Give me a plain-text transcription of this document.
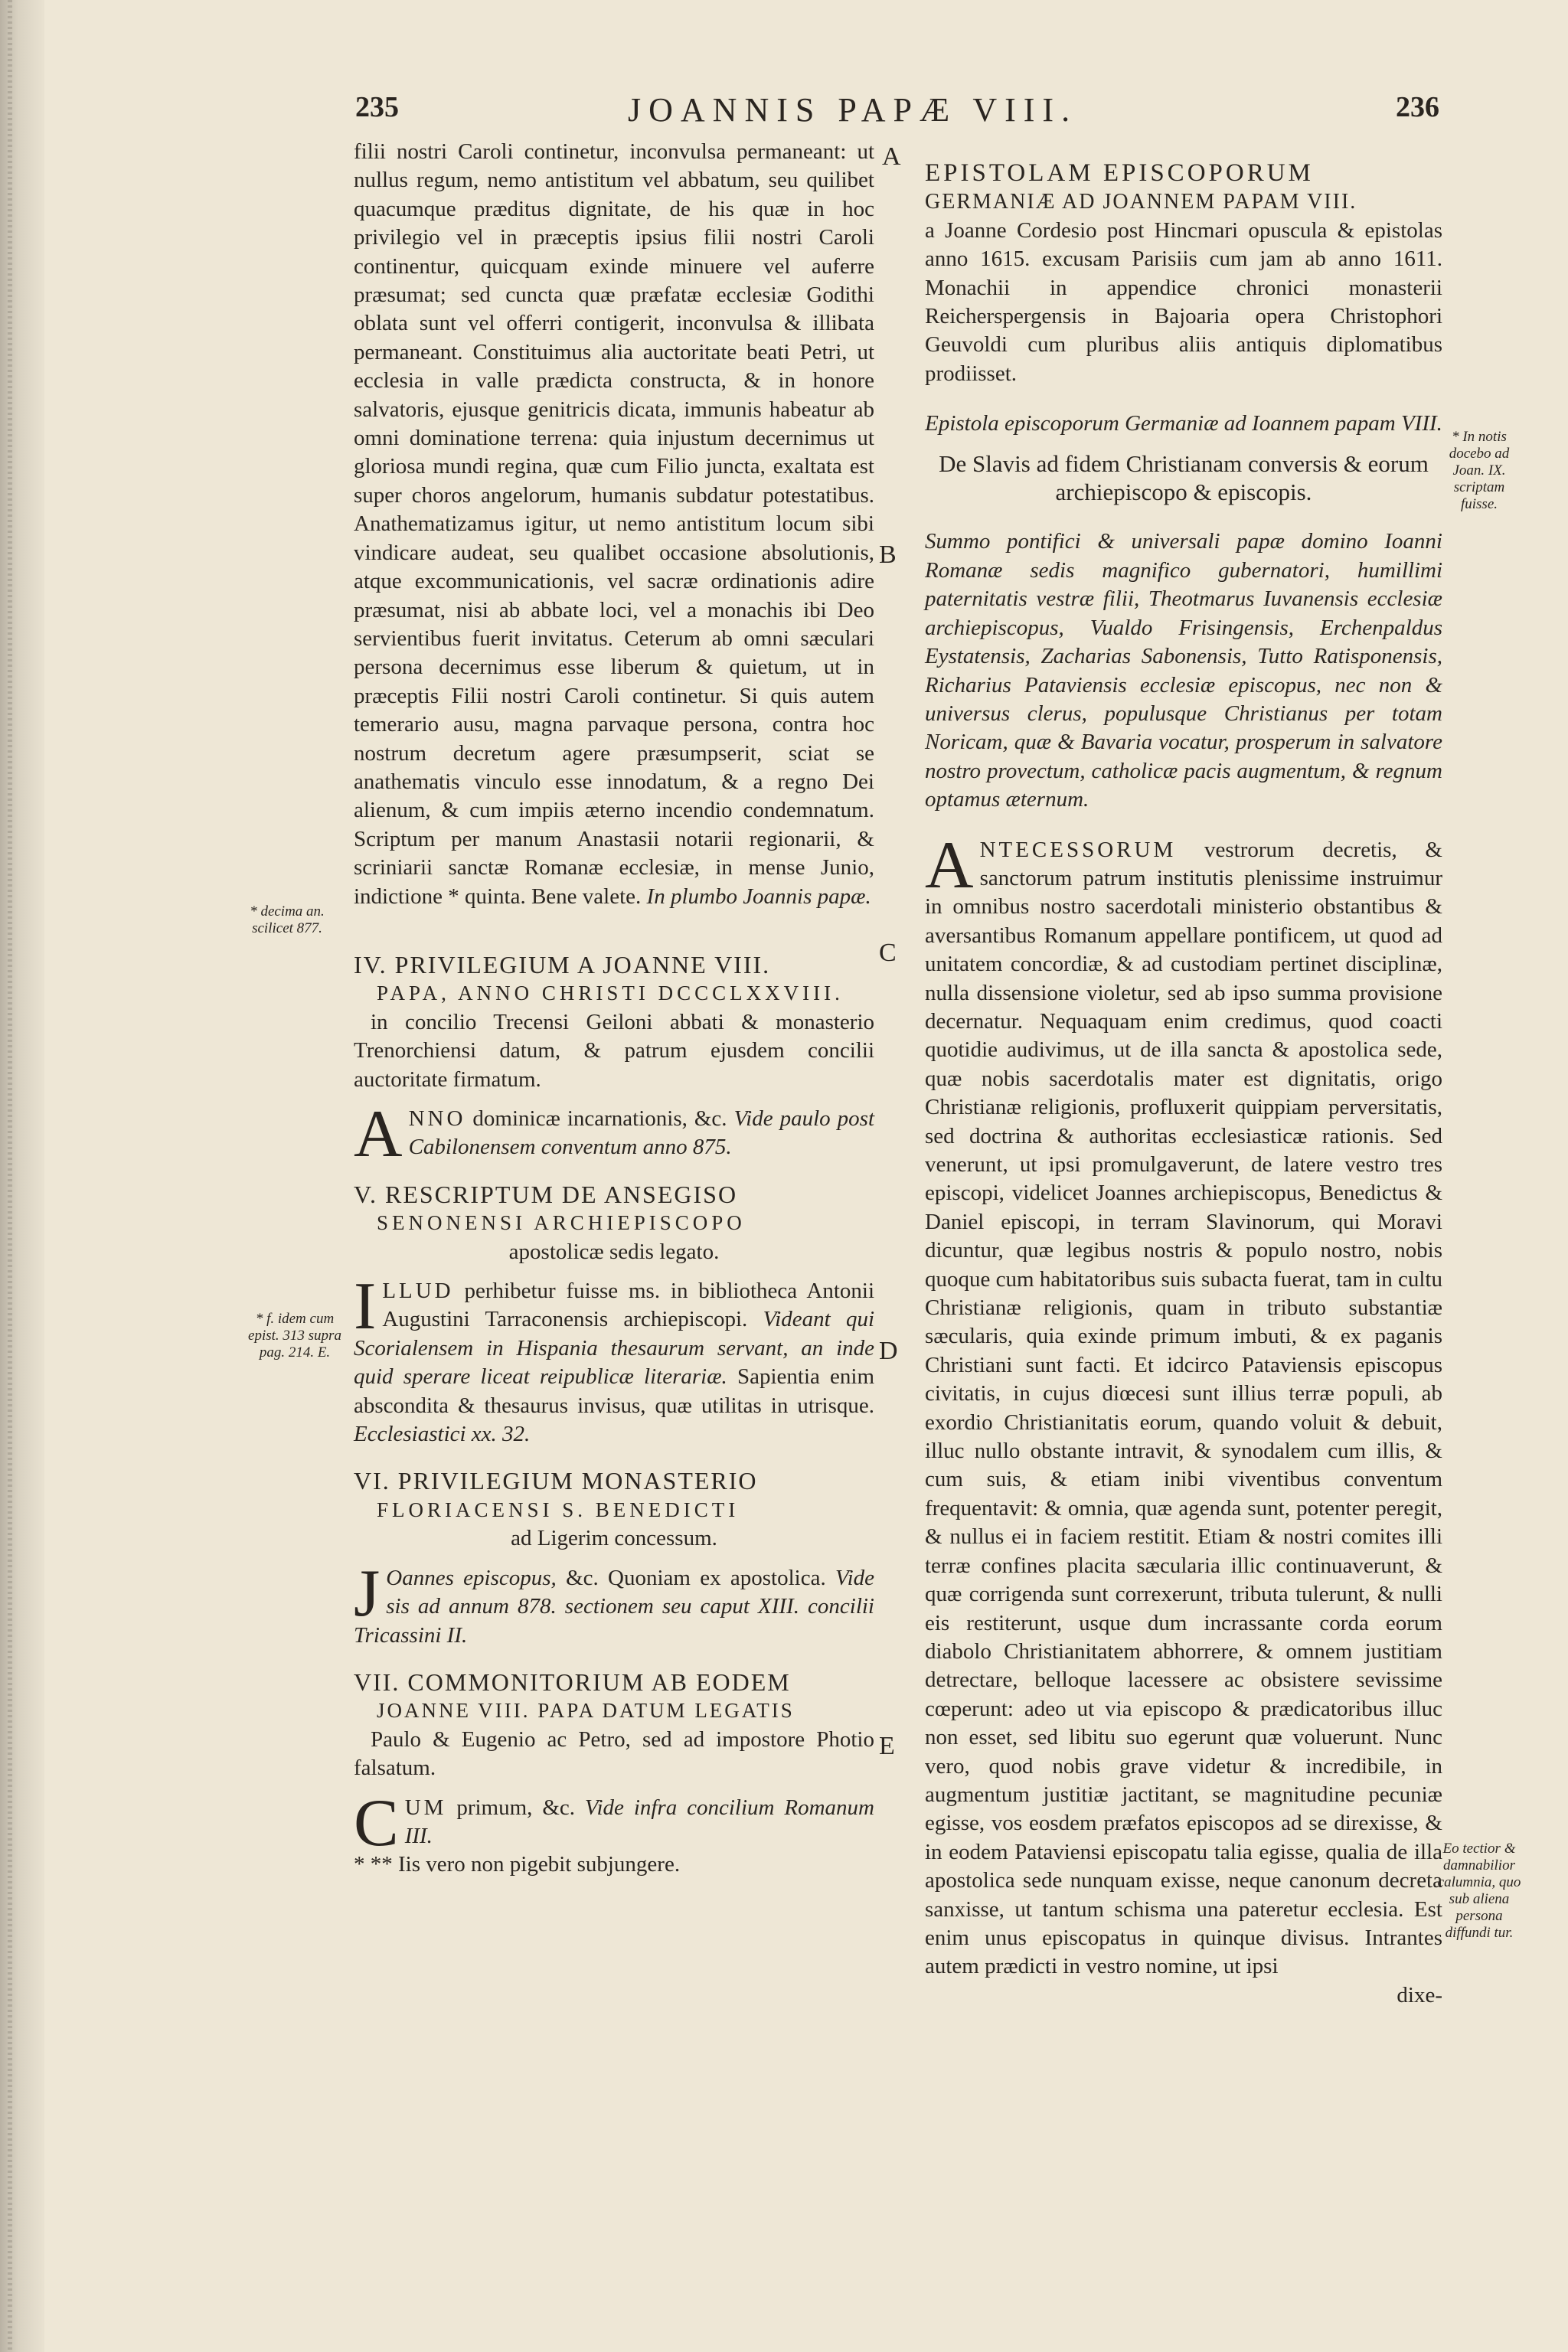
235	JOANNIS PAPÆ VIII.	236
A
B
C
D
E
* decima an. scilicet 877.
* f. idem cum epist. 313 supra pag. 214. E.
* In notis docebo ad Joan. IX. scriptam fuisse.
Eo tectior & damnabilior calumnia, quo sub aliena persona diffundi tur.

filii nostri Caroli continetur, inconvulsa permaneant: ut nullus regum, nemo antistitum vel abbatum, seu quilibet quacumque præditus dignitate, de his quæ in hoc privilegio vel in præceptis ipsius filii nostri Caroli continentur, quicquam exinde minuere vel auferre præsumat; sed cuncta quæ præfatæ ecclesiæ Godithi oblata sunt vel offerri contigerit, inconvulsa & illibata permaneant. Constituimus alia auctoritate beati Petri, ut ecclesia in valle prædicta constructa, & in honore salvatoris, ejusque genitricis dicata, immunis habeatur ab omni dominatione terrena: quia injustum decernimus ut gloriosa mundi regina, quæ cum Filio juncta, exaltata est super choros angelorum, humanis subdatur potestatibus. Anathematizamus igitur, ut nemo antistitum locum sibi vindicare audeat, seu qualibet occasione absolutionis, atque excommunicationis, vel sacræ ordinationis adire præsumat, nisi ab abbate loci, vel a monachis ibi Deo servientibus fuerit invitatus. Ceterum ab omni sæculari persona decernimus esse liberum & quietum, ut in præceptis Filii nostri Caroli continetur. Si quis autem temerario ausu, magna parvaque persona, contra hoc nostrum decretum agere præsumpserit, sciat se anathematis vinculo esse innodatum, & a regno Dei alienum, & cum impiis æterno incendio condemnatum. Scriptum per manum Anastasii notarii regionarii, & scriniarii sanctæ Romanæ ecclesiæ, in mense Junio, indictione * quinta. Bene valete. In plumbo Joannis papæ.

IV. PRIVILEGIUM A JOANNE VIII.
PAPA, ANNO CHRISTI DCCCLXXVIII.

in concilio Trecensi Geiloni abbati & monasterio Trenorchiensi datum, & patrum ejusdem concilii auctoritate firmatum.

ANNO dominicæ incarnationis, &c. Vide paulo post Cabilonensem conventum anno 875.

V. RESCRIPTUM DE ANSEGISO
SENONENSI ARCHIEPISCOPO

apostolicæ sedis legato.

ILLUD perhibetur fuisse ms. in bibliotheca Antonii Augustini Tarraconensis archiepiscopi. Videant qui Scorialensem in Hispania thesaurum servant, an inde quid sperare liceat reipublicæ literariæ. Sapientia enim abscondita & thesaurus invisus, quæ utilitas in utrisque. Ecclesiastici xx. 32.

VI. PRIVILEGIUM MONASTERIO
FLORIACENSI S. BENEDICTI

ad Ligerim concessum.

J Oannes episcopus, &c. Quoniam ex apostolica. Vide sis ad annum 878. sectionem seu caput XIII. concilii Tricassini II.

VII. COMMONITORIUM AB EODEM
JOANNE VIII. PAPA DATUM LEGATIS

Paulo & Eugenio ac Petro, sed ad impostore Photio falsatum.

CUM primum, &c. Vide infra concilium Romanum III.
* ** Iis vero non pigebit subjungere.

EPISTOLAM EPISCOPORUM
GERMANIÆ AD JOANNEM PAPAM VIII.

a Joanne Cordesio post Hincmari opuscula & epistolas anno 1615. excusam Parisiis cum jam ab anno 1611. Monachii in appendice chronici monasterii Reicherspergensis in Bajoaria opera Christophori Geuvoldi cum pluribus aliis antiquis diplomatibus prodiisset.

Epistola episcoporum Germaniæ ad Ioannem papam VIII.

De Slavis ad fidem Christianam conversis & eorum archiepiscopo & episcopis.

Summo pontifici & universali papæ domino Ioanni Romanæ sedis magnifico gubernatori, humillimi paternitatis vestræ filii, Theotmarus Iuvanensis ecclesiæ archiepiscopus, Vualdo Frisingensis, Erchenpaldus Eystatensis, Zacharias Sabonensis, Tutto Ratisponensis, Richarius Pataviensis ecclesiæ episcopus, nec non & universus clerus, populusque Christianus per totam Noricam, quæ & Bavaria vocatur, prosperum in salvatore nostro provectum, catholicæ pacis augmentum, & regnum optamus æternum.

ANTECESSORUM vestrorum decretis, & sanctorum patrum institutis plenissime instruimur in omnibus nostro sacerdotali ministerio obstantibus & aversantibus Romanum appellare pontificem, ut quod ad unitatem concordiæ, & ad custodiam pertinet disciplinæ, nulla dissensione violetur, sed ab ipso summa provisione decernatur. Nequaquam enim credimus, quod coacti quotidie audivimus, ut de illa sancta & apostolica sede, quæ nobis sacerdotalis mater est dignitatis, origo Christianæ religionis, profluxerit quippiam perversitatis, sed doctrina & authoritas ecclesiasticæ rationis. Sed venerunt, ut ipsi promulgaverunt, de latere vestro tres episcopi, videlicet Joannes archiepiscopus, Benedictus & Daniel episcopi, in terram Slavinorum, qui Moravi dicuntur, quæ legibus nostris & populo nostro, nobis quoque cum habitatoribus suis subacta fuerat, tam in cultu Christianæ religionis, quam in tributo substantiæ sæcularis, quia exinde primum imbuti, & ex paganis Christiani sunt facti. Et idcirco Pataviensis episcopus civitatis, in cujus diœcesi sunt illius terræ populi, ab exordio Christianitatis eorum, quando voluit & debuit, illuc nullo obstante intravit, & synodalem cum illis, & cum suis, & etiam inibi viventibus conventum frequentavit: & omnia, quæ agenda sunt, potenter peregit, & nullus ei in faciem restitit. Etiam & nostri comites illi terræ confines placita sæcularia illic continuaverunt, & quæ corrigenda sunt correxerunt, tributa tulerunt, & nulli eis restiterunt, usque dum incrassante corda eorum diabolo Christianitatem abhorrere, & omnem justitiam detrectare, belloque lacessere ac obsistere sevissime cœperunt: adeo ut via episcopo & prædicatoribus illuc non esset, sed libitu suo egerunt quæ voluerunt. Nunc vero, quod nobis grave videtur & incredibile, in augmentum justitiæ jactitant, se magnitudine pecuniæ egisse, vos eosdem præfatos episcopos ad se direxisse, & in eodem Pataviensi episcopatu talia egisse, qualia de illa apostolica sede nunquam exisse, neque canonum decreta sanxisse, ut tantum schisma una pateretur ecclesia. Est enim unus episcopatus in quinque divisus. Intrantes autem prædicti in vestro nomine, ut ipsi

dixe-
